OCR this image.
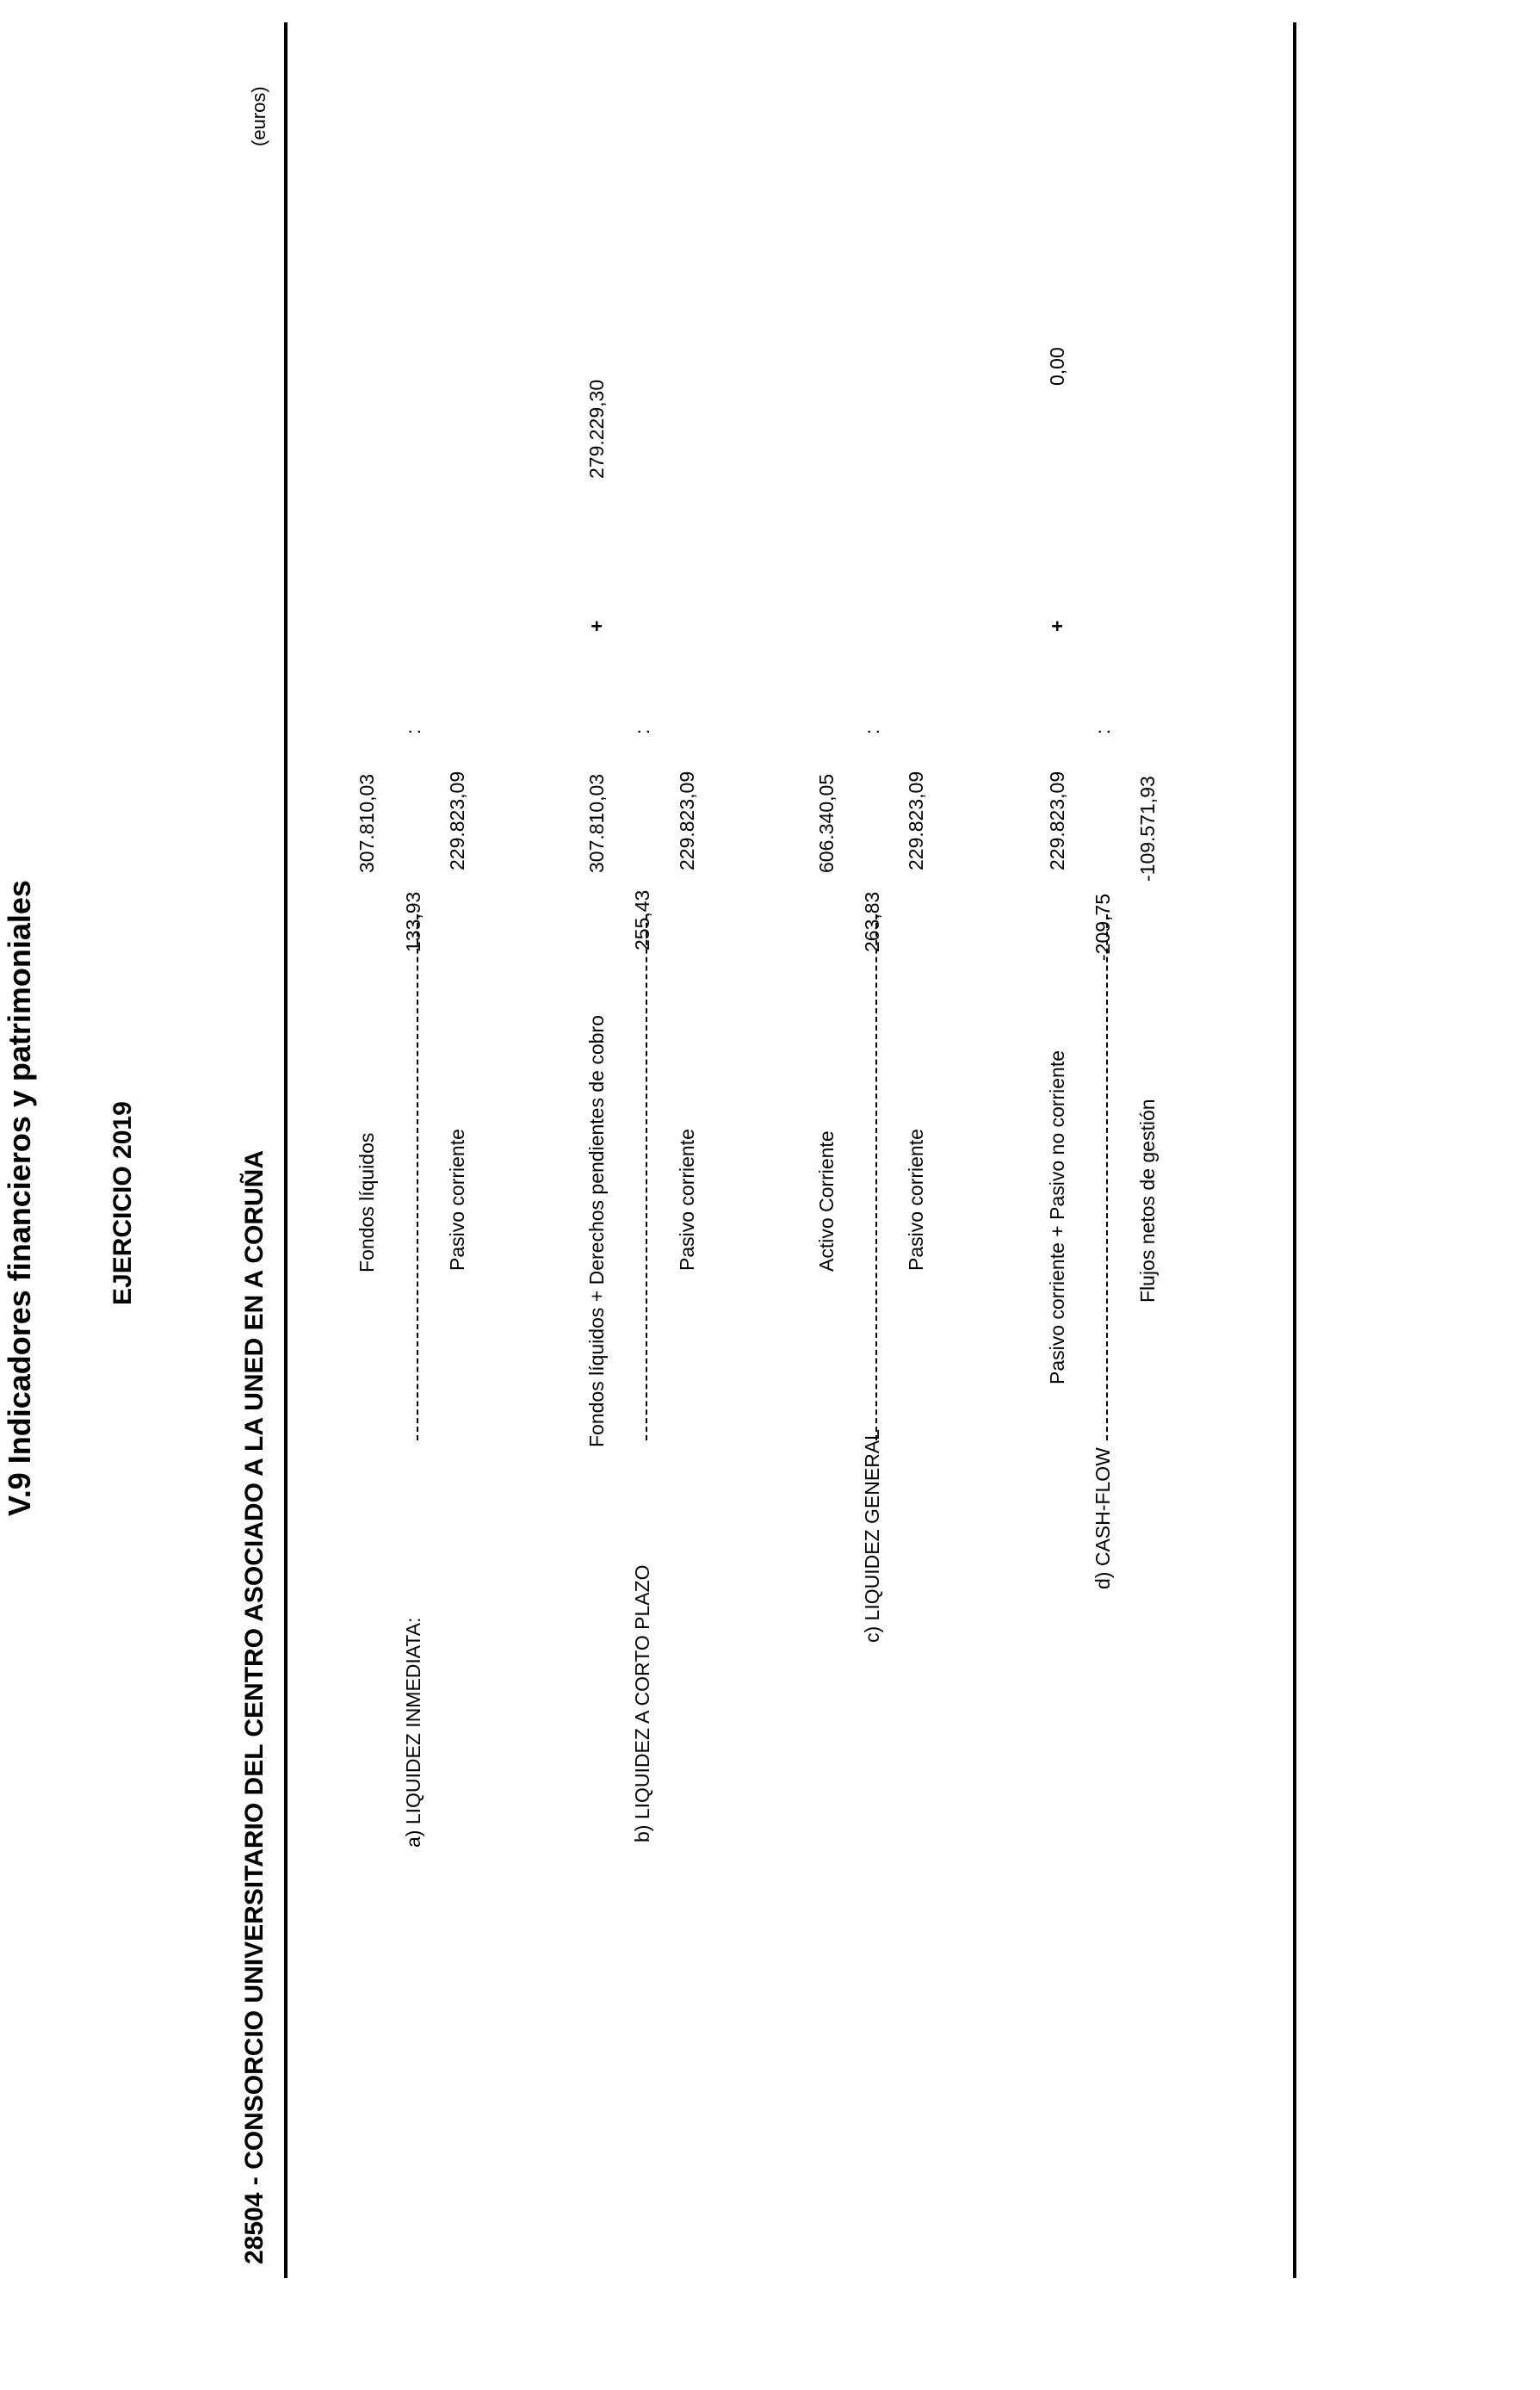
V.9 Indicadores financieros y patrimoniales	EJERCICIO 2019	28504 - CONSORCIO UNIVERSITARIO DEL CENTRO ASOCIADO A LA UNED EN A CORUÑA
(euros)
a) LIQUIDEZ INMEDIATA:
133,93
:
Fondos líquidos	Pasivo corriente
307.810,03	229.823,09
b) LIQUIDEZ A CORTO PLAZO
255,43
:
Fondos líquidos + Derechos pendientes de cobro	Pasivo corriente
307.810,03
+
279.229,30
229.823,09
c) LIQUIDEZ GENERAL
263,83
:
Activo Corriente	Pasivo corriente
606.340,05	229.823,09
d) CASH-FLOW
-209,75
:
Pasivo corriente + Pasivo no corriente	Flujos netos de gestión
229.823,09
+
0,00
-109.571,93
